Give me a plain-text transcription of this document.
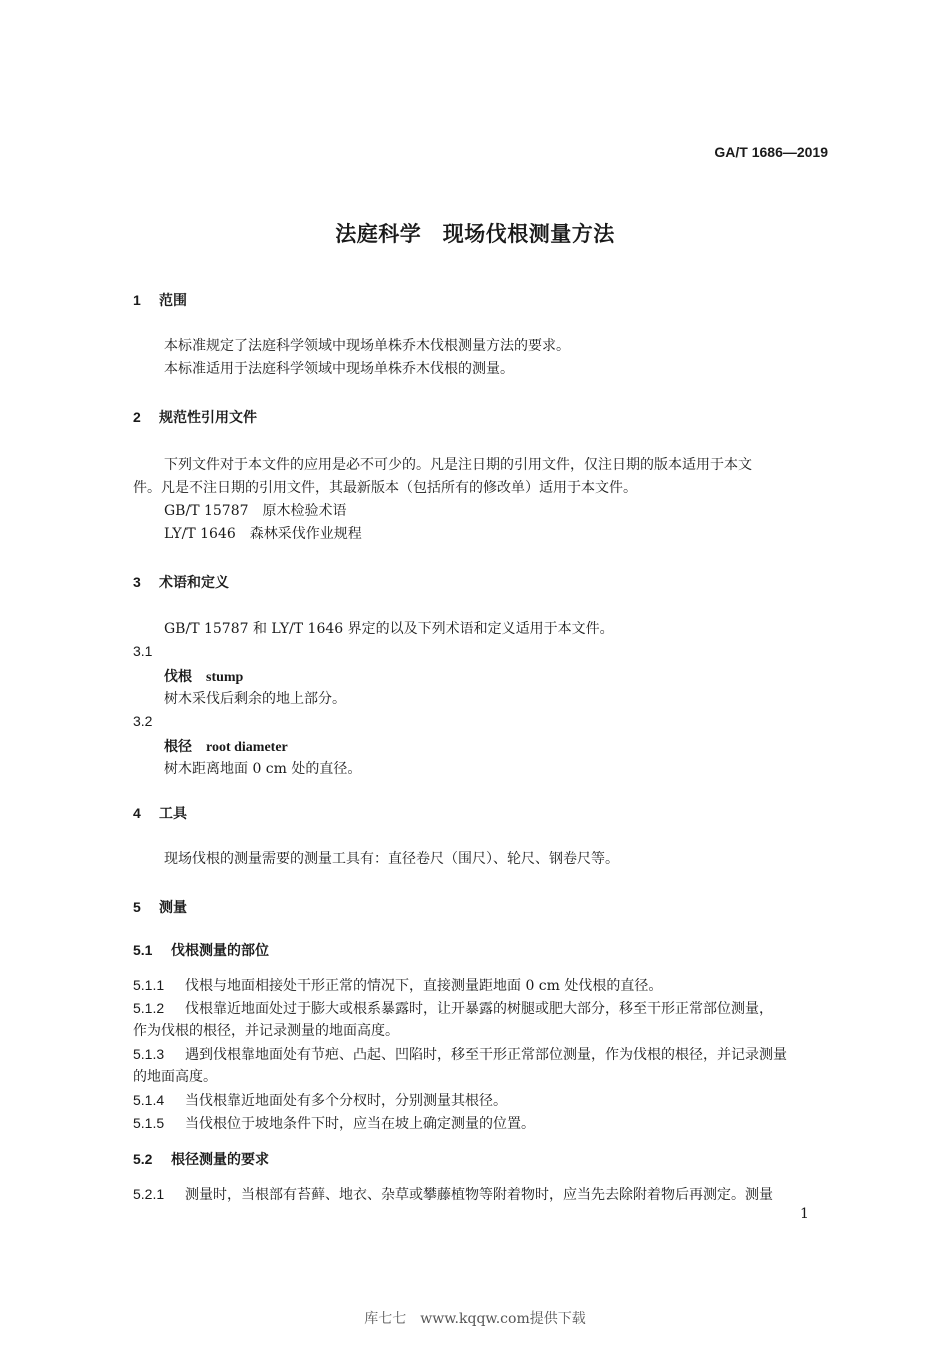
GA/T 1686—2019
法庭科学　现场伐根测量方法
1 范围
本标准规定了法庭科学领域中现场单株乔木伐根测量方法的要求。
本标准适用于法庭科学领域中现场单株乔木伐根的测量。
2 规范性引用文件
下列文件对于本文件的应用是必不可少的。凡是注日期的引用文件，仅注日期的版本适用于本文
件。凡是不注日期的引用文件，其最新版本（包括所有的修改单）适用于本文件。
GB/T 15787　原木检验术语
LY/T 1646　森林采伐作业规程
3 术语和定义
GB/T 15787 和 LY/T 1646 界定的以及下列术语和定义适用于本文件。
3.1
伐根 stump
树木采伐后剩余的地上部分。
3.2
根径 root diameter
树木距离地面 0 cm 处的直径。
4 工具
现场伐根的测量需要的测量工具有：直径卷尺（围尺）、轮尺、钢卷尺等。
5 测量
5.1 伐根测量的部位
5.1.1 伐根与地面相接处干形正常的情况下，直接测量距地面 0 cm 处伐根的直径。
5.1.2 伐根靠近地面处过于膨大或根系暴露时，让开暴露的树腿或肥大部分，移至干形正常部位测量，
作为伐根的根径，并记录测量的地面高度。
5.1.3 遇到伐根靠地面处有节疤、凸起、凹陷时，移至干形正常部位测量，作为伐根的根径，并记录测量
的地面高度。
5.1.4 当伐根靠近地面处有多个分杈时，分别测量其根径。
5.1.5 当伐根位于坡地条件下时，应当在坡上确定测量的位置。
5.2 根径测量的要求
5.2.1 测量时，当根部有苔藓、地衣、杂草或攀藤植物等附着物时，应当先去除附着物后再测定。测量
1
库七七　www.kqqw.com提供下载
